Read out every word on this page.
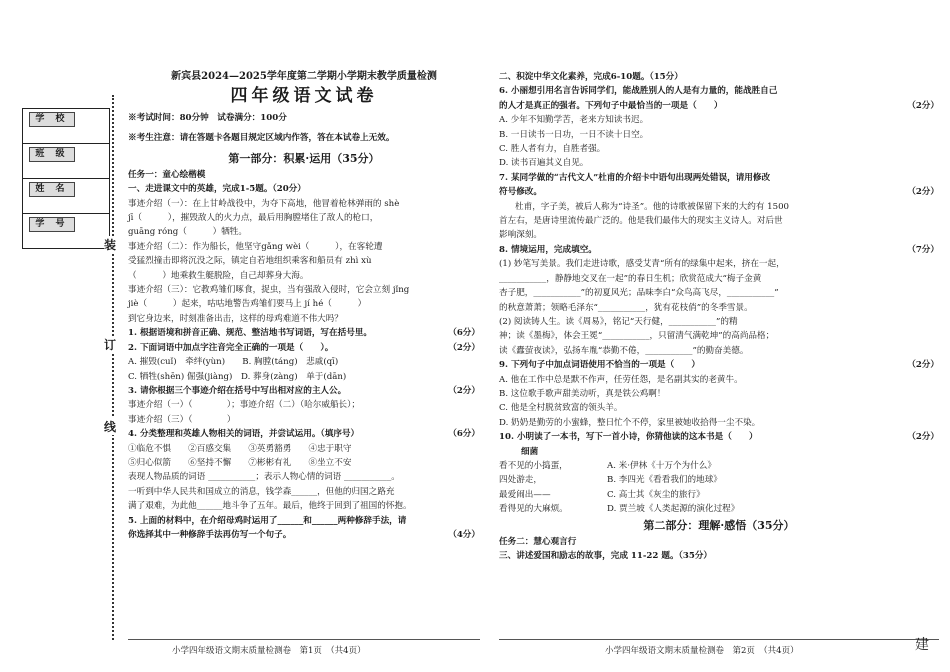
学 校
班 级
姓 名
学 号
装
订
线
新宾县2024—2025学年度第二学期小学期末教学质量检测
四年级语文试卷
※考试时间：80分钟　试卷满分：100分
※考生注意：请在答题卡各题目规定区域内作答，答在本试卷上无效。
第一部分：积累·运用（35分）
任务一：童心绘楷模
一、走进课文中的英雄，完成1-5题。（20分）
事迹介绍（一）：在上甘岭战役中，为夺下高地，他冒着枪林弹雨的 shè
jī（　　　），摧毁敌人的火力点，最后用胸膛堵住了敌人的枪口，
guāng róng（　　　）牺牲。
事迹介绍（二）：作为船长，他坚守gǎng wèi（　　　），在客轮遭
受猛烈撞击即将沉没之际，镇定自若地组织乘客和船员有 zhì xù
（　　　）地乘救生艇脱险，自己却葬身大海。
事迹介绍（三）：它教鸡雏们啄食，捉虫，当有强敌入侵时，它会立刻 jǐng
jiè（　　　）起来，咕咕地警告鸡雏们要马上 jí hé（　　　）
到它身边来，时刻准备出击，这样的母鸡难道不伟大吗？
1. 根据语境和拼音正确、规范、整洁地书写词语，写在括号里。	（6分）
2. 下面词语中加点字注音完全正确的一项是（　　）。	（2分）
A. 摧毁(cuǐ)　牵绊(yùn)　　B. 胸膛(táng)　悲戚(qī)
C. 牺牲(shēn) 倔强(jiàng)　D. 葬身(zàng)　单于(dān)
3. 请你根据三个事迹介绍在括号中写出相对应的主人公。	（2分）
事迹介绍（一）（　　　　）；事迹介绍（二）（哈尔威船长）；
事迹介绍（三）（　　　　）
4. 分类整理和英雄人物相关的词语，并尝试运用。（填序号）	（6分）
①临危不惧　　②百感交集　　③英勇豁勇　　④忠于职守
⑤归心似箭　　⑥坚持不懈　　⑦彬彬有礼　　⑧坐立不安
表现人物品质的词语 ___________；表示人物心情的词语 ___________。
一听到中华人民共和国成立的消息，钱学森______，但他的归国之路充
满了艰难，为此他______地斗争了五年。最后，他终于回到了祖国的怀抱。
5. 上面的材料中，在介绍母鸡时运用了______和______两种修辞手法，请
你选择其中一种修辞手法再仿写一个句子。	（4分）
小学四年级语文期末质量检测卷　第1页　（共4页）
二、积淀中华文化素养，完成6-10题。（15分）
6. 小丽想引用名言告诉同学们，能战胜别人的人是有力量的，能战胜自己
的人才是真正的强者。下列句子中最恰当的一项是（　　）	（2分）
A. 少年不知勤学苦，老来方知读书迟。
B. 一日读书一日功，一日不读十日空。
C. 胜人者有力，自胜者强。
D. 读书百遍其义自见。
7. 某同学做的“古代文人”杜甫的介绍卡中语句出现两处错误，请用修改
符号修改。	（2分）
杜甫，字子美，被后人称为“诗圣”。他的诗歌被保留下来的大约有 1500
首左右，是唐诗里流传最广泛的。他是我们最伟大的现实主义诗人。对后世
影响深刻。
8. 情境运用，完成填空。	（7分）
(1) 妙笔写美景。我们走进诗歌，感受艾青“所有的绿集中起来，挤在一起，
___________，静静地交叉在一起”的春日生机；欣赏范成大“梅子金黄
杏子肥，___________”的初夏风光；品味李白“众鸟高飞尽，___________”
的秋意萧萧；领略毛泽东“___________，犹有花枝俏”的冬季雪景。
(2) 阅读铸人生。读《周易》，铭记“天行健，___________”的精
神；读《墨梅》，体会王冕“___________，只留清气满乾坤”的高尚品格；
读《蠹萤夜读》，弘扬车胤“恭勤不倦，___________”的勤奋美德。
9. 下列句子中加点词语使用不恰当的一项是（　　）	（2分）
A. 他在工作中总是默不作声，任劳任怨，是名副其实的老黄牛。
B. 这位歌手歌声甜美动听，真是铁公鸡啊！
C. 他是全村脱贫致富的领头羊。
D. 奶奶是勤劳的小蜜蜂，整日忙个不停，家里被她收拾得一尘不染。
10. 小明读了一本书，写下一首小诗，你猜他读的这本书是（　　）	（2分）
细菌
看不见的小捣蛋，
四处游走，
最爱闹出——
看得见的大麻烦。
A. 米·伊林《十万个为什么》
B. 李四光《看看我们的地球》
C. 高士其《灰尘的旅行》
D. 贾兰坡《人类起源的演化过程》
第二部分：理解·感悟（35分）
任务二：慧心观言行
三、讲述爱国和励志的故事，完成 11-22 题。（35分）
小学四年级语文期末质量检测卷　第2页　（共4页）	建
